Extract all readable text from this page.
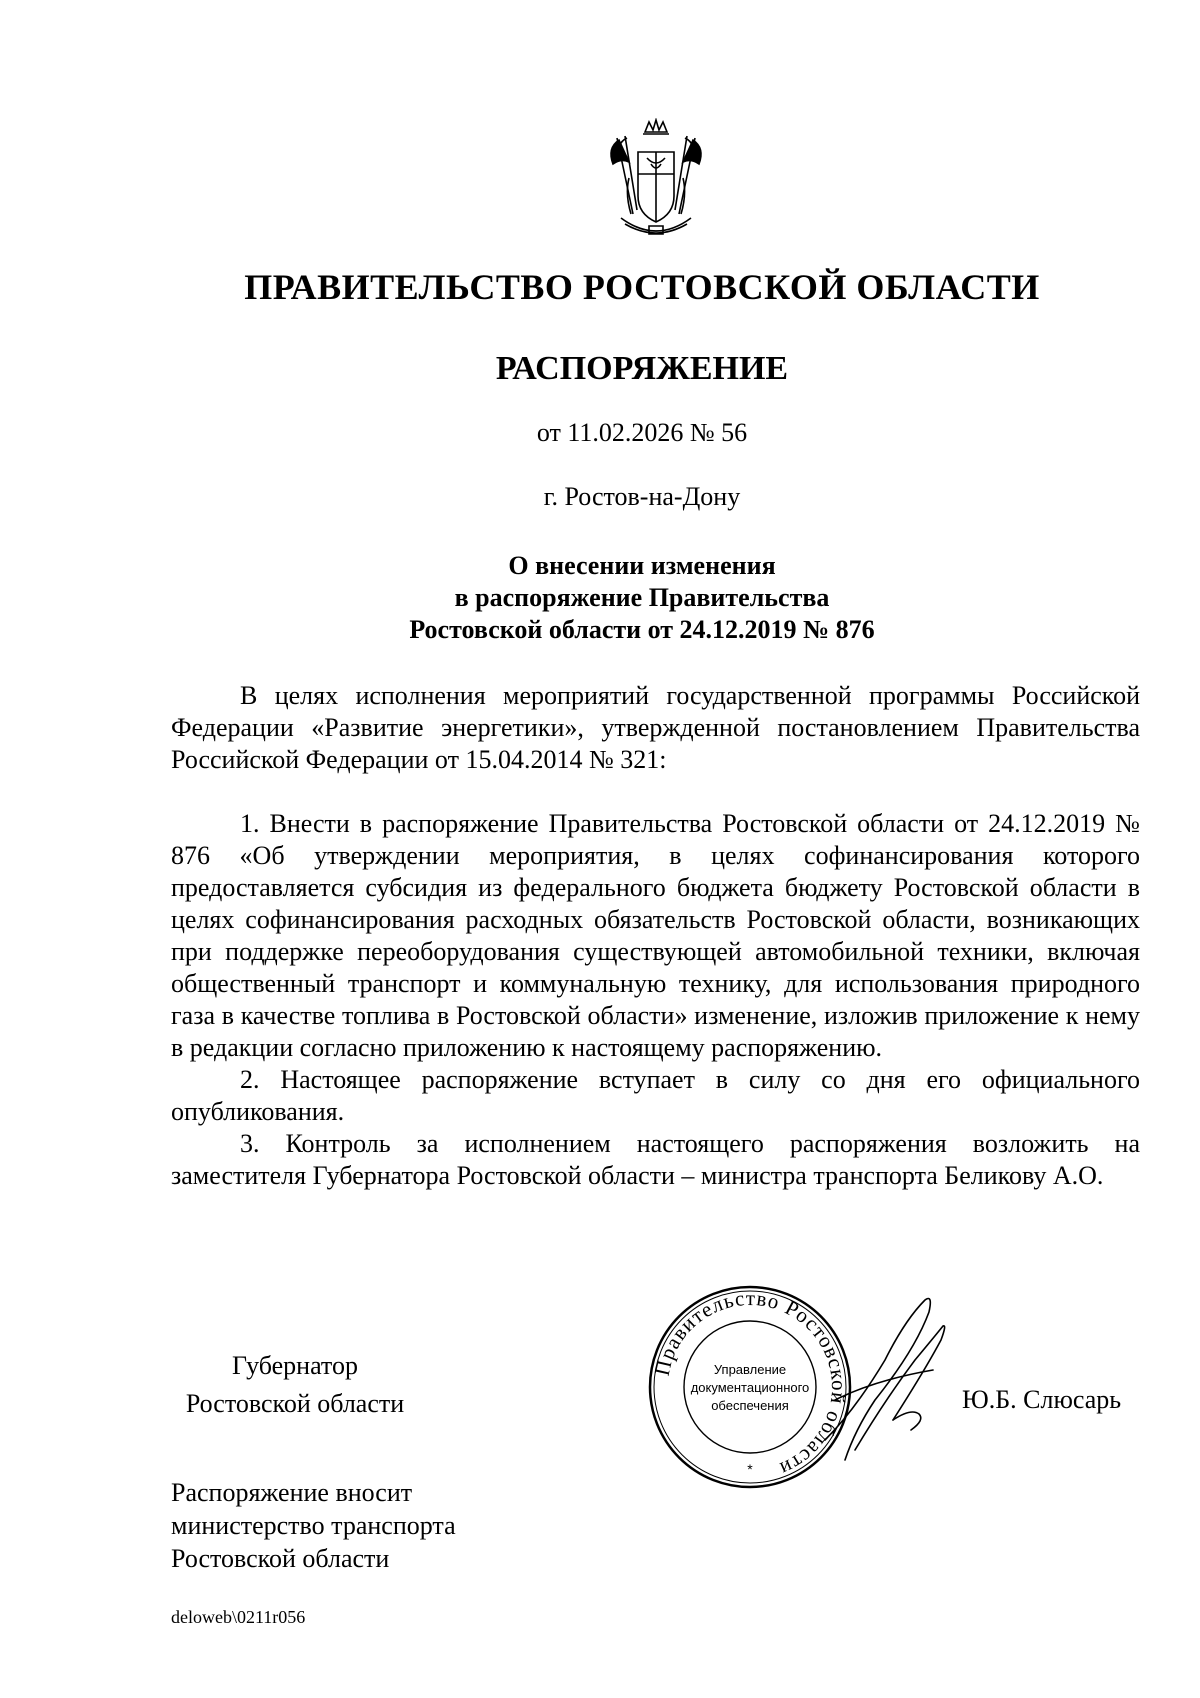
ПРАВИТЕЛЬСТВО РОСТОВСКОЙ ОБЛАСТИ
РАСПОРЯЖЕНИЕ
от 11.02.2026 № 56
г. Ростов-на-Дону
О внесении изменения
в распоряжение Правительства
Ростовской области от 24.12.2019 № 876

В целях исполнения мероприятий государственной программы Российской Федерации «Развитие энергетики», утвержденной постановлением Правительства Российской Федерации от 15.04.2014 № 321:

1. Внести в распоряжение Правительства Ростовской области от 24.12.2019 № 876 «Об утверждении мероприятия, в целях софинансирования которого предоставляется субсидия из федерального бюджета бюджету Ростовской области в целях софинансирования расходных обязательств Ростовской области, возникающих при поддержке переоборудования существующей автомобильной техники, включая общественный транспорт и коммунальную технику, для использования природного газа в качестве топлива в Ростовской области» изменение, изложив приложение к нему в редакции согласно приложению к настоящему распоряжению.

2. Настоящее распоряжение вступает в силу со дня его официального опубликования.

3. Контроль за исполнением настоящего распоряжения возложить на заместителя Губернатора Ростовской области – министра транспорта Беликову А.О.

Губернатор
Ростовской области
Правительство Ростовской области
Управление
документационного
обеспечения
*
Ю.Б. Слюсарь
Распоряжение вносит
министерство транспорта
Ростовской области
deloweb\0211r056
